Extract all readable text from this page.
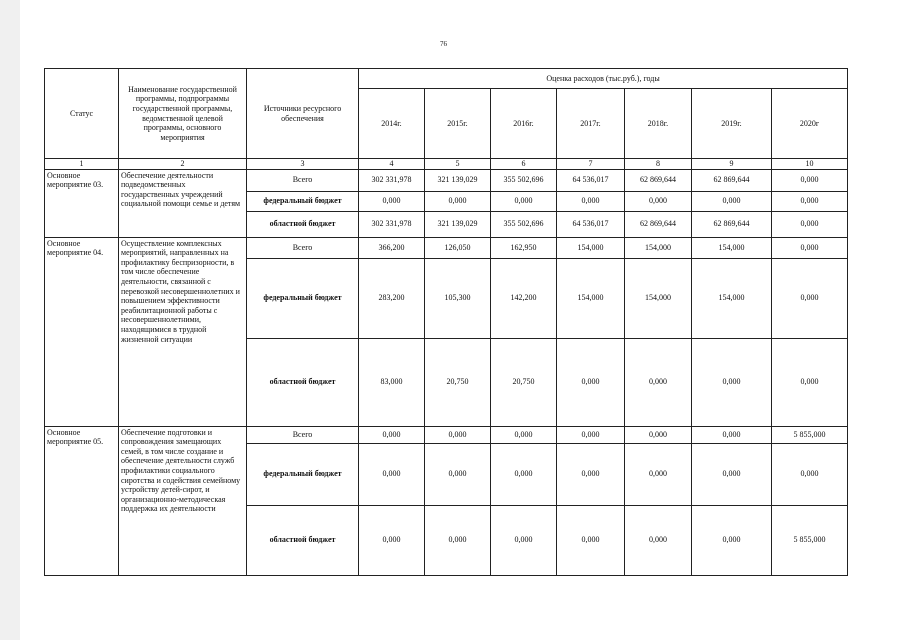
76
Статус	Наименование государственной программы, подпрограммы государственной программы, ведомственной целевой программы, основного мероприятия	Источники ресурсного обеспечения	Оценка расходов (тыс.руб.), годы						
			2014г.	2015г.	2016г.	2017г.	2018г.	2019г.	2020г
1	2	3	4	5	6	7	8	9	10
Основное мероприятие 03.	Обеспечение деятельности подведомственных государственных учреждений социальной помощи семье и детям	Всего	302 331,978	321 139,029	355 502,696	64 536,017	62 869,644	62 869,644	0,000
		федеральный бюджет	0,000	0,000	0,000	0,000	0,000	0,000	0,000
		областной бюджет	302 331,978	321 139,029	355 502,696	64 536,017	62 869,644	62 869,644	0,000
Основное мероприятие 04.	Осуществление комплексных мероприятий, направленных на профилактику беспризорности, в том числе обеспечение деятельности, связанной с перевозкой несовершеннолетних и повышением эффективности реабилитационной работы с несовершеннолетними, находящимися в трудной жизненной ситуации	Всего	366,200	126,050	162,950	154,000	154,000	154,000	0,000
		федеральный бюджет	283,200	105,300	142,200	154,000	154,000	154,000	0,000
		областной бюджет	83,000	20,750	20,750	0,000	0,000	0,000	0,000
Основное мероприятие 05.	Обеспечение подготовки и сопровождения замещающих семей, в том числе создание и обеспечение деятельности служб профилактики социального сиротства и содействия семейному устройству детей-сирот, и организационно-методическая поддержка их деятельности	Всего	0,000	0,000	0,000	0,000	0,000	0,000	5 855,000
		федеральный бюджет	0,000	0,000	0,000	0,000	0,000	0,000	0,000
		областной бюджет	0,000	0,000	0,000	0,000	0,000	0,000	5 855,000
